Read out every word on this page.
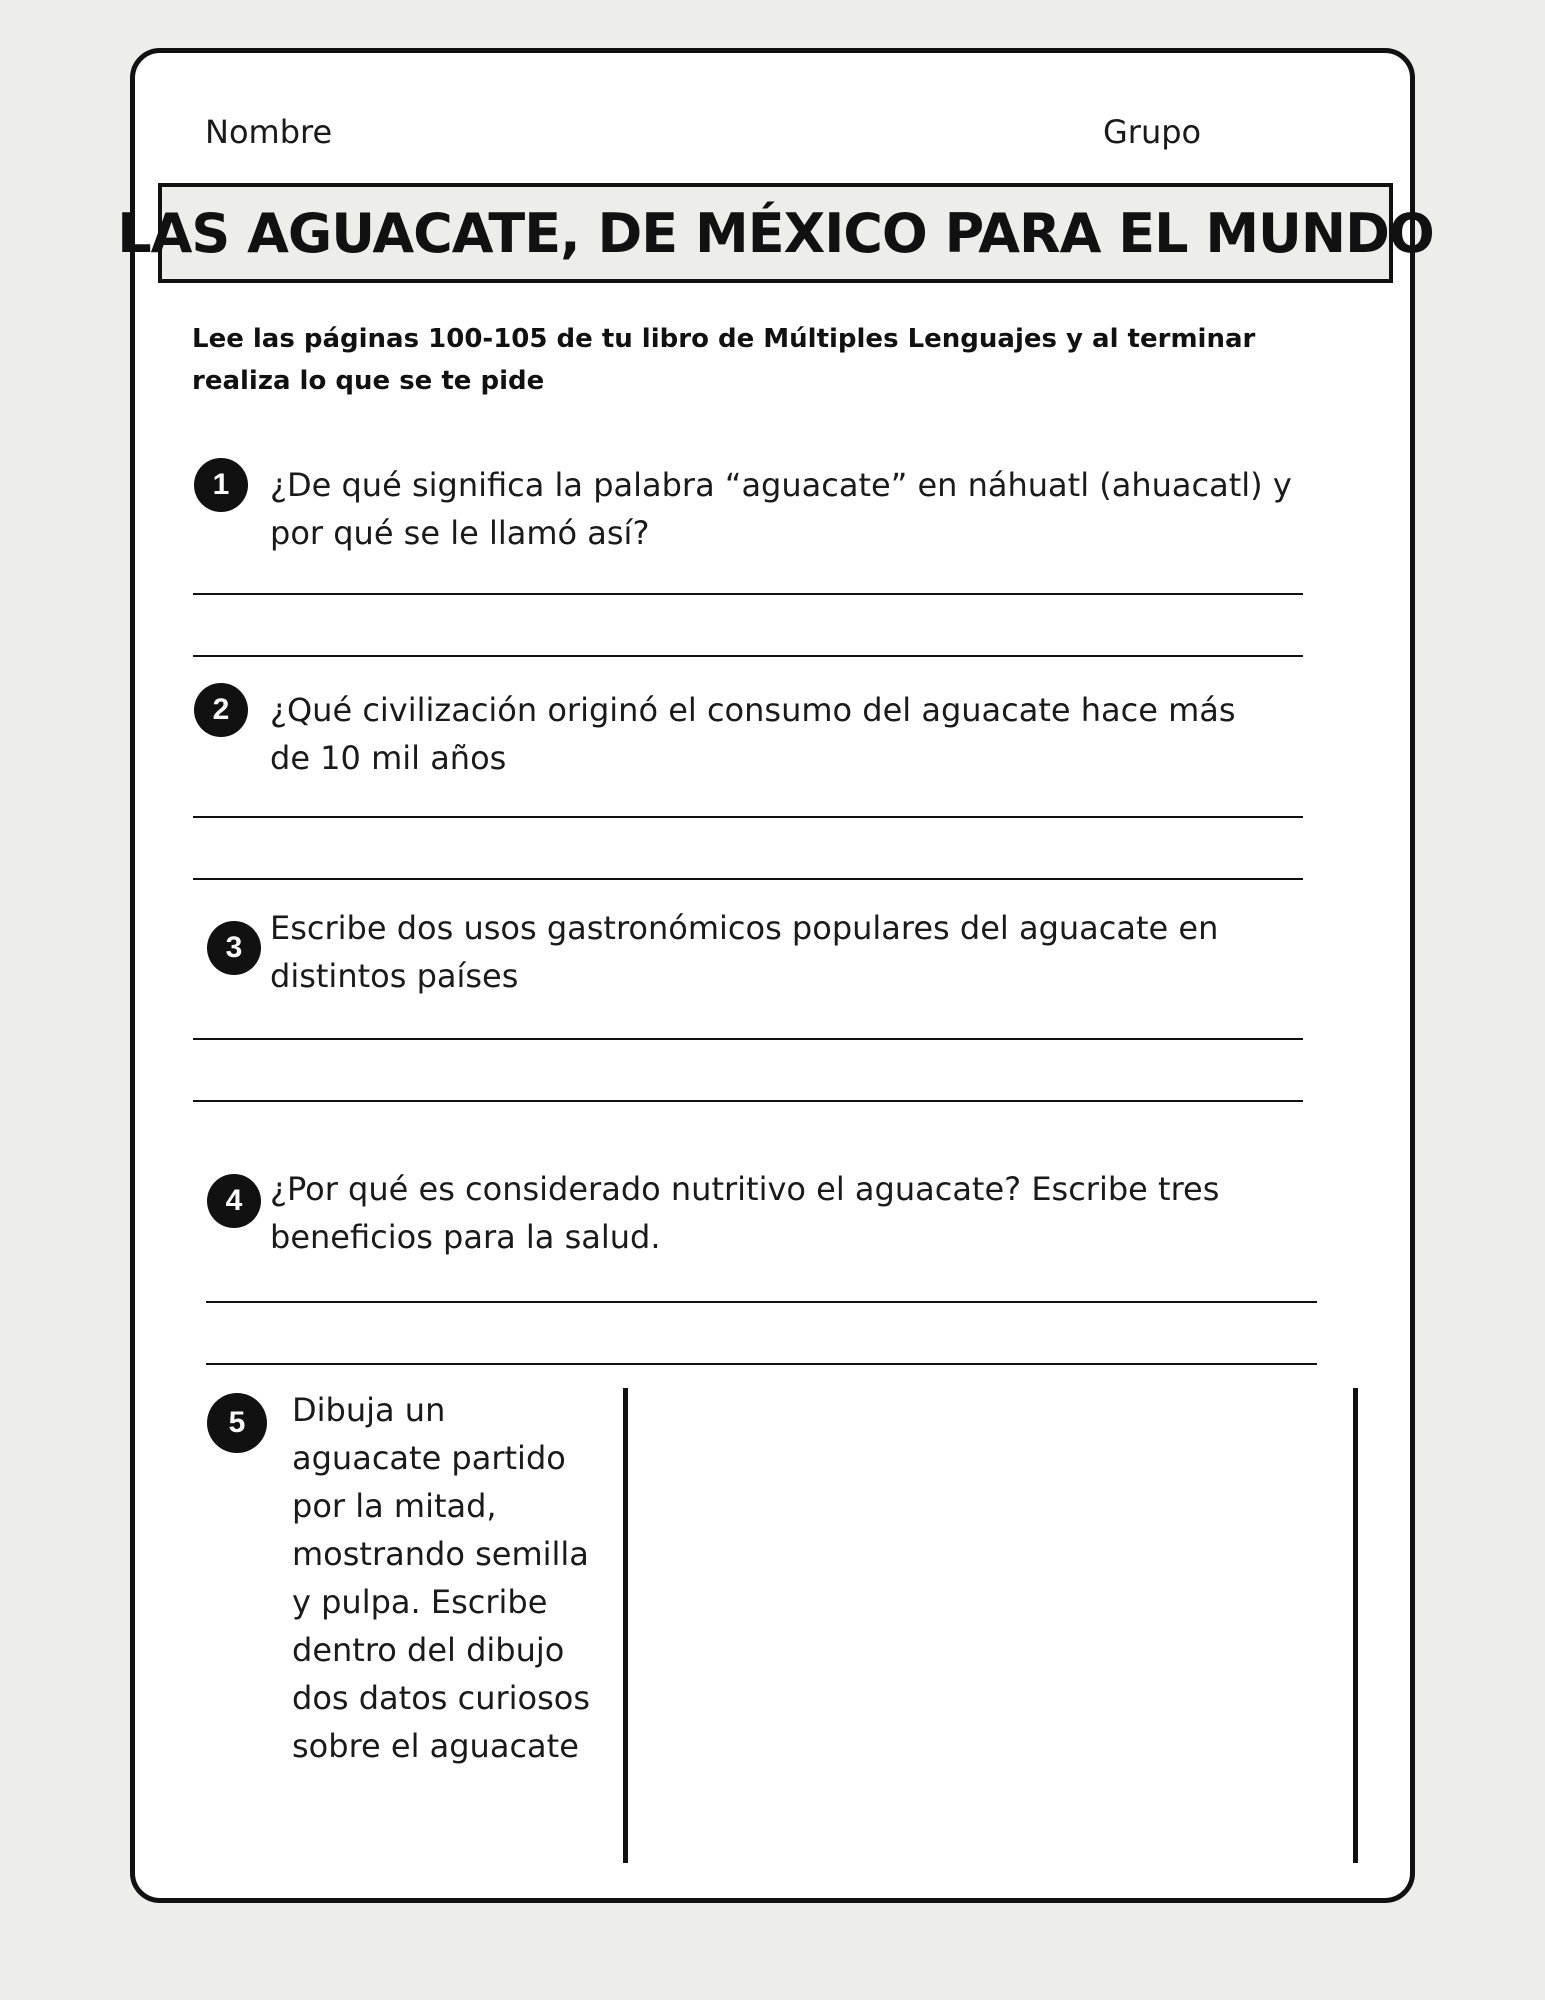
Nombre	Grupo
LAS AGUACATE, DE MÉXICO PARA EL MUNDO
Lee las páginas 100-105 de tu libro de Múltiples Lenguajes y al terminar realiza lo que se te pide
1	¿De qué significa la palabra “aguacate” en náhuatl (ahuacatl) y por qué se le llamó así?
2	¿Qué civilización originó el consumo del aguacate hace más de 10 mil años
3
Escribe dos usos gastronómicos populares del aguacate en distintos países
4 ¿Por qué es considerado nutritivo el aguacate? Escribe tres beneficios para la salud.
5	Dibuja un aguacate partido por la mitad, mostrando semilla y pulpa. Escribe dentro del dibujo dos datos curiosos sobre el aguacate
